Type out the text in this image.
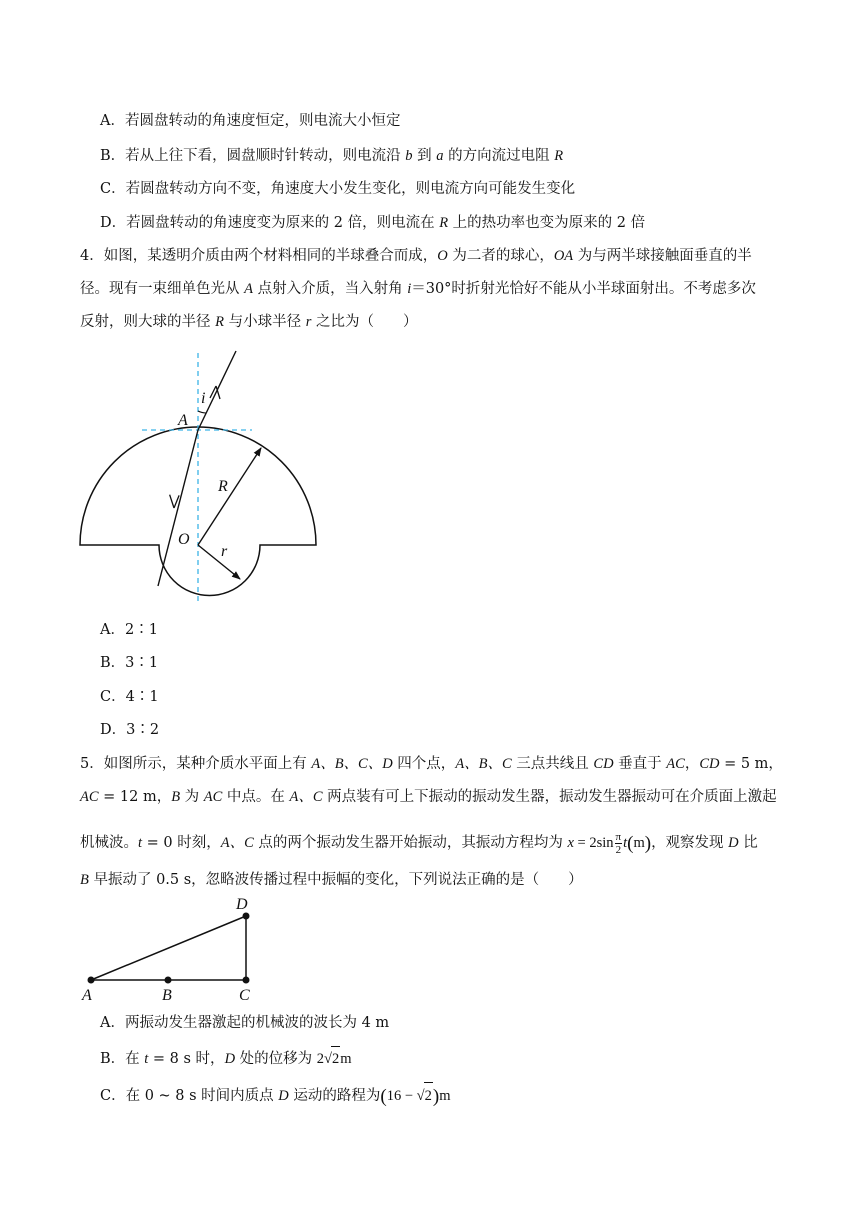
A．若圆盘转动的角速度恒定，则电流大小恒定
B．若从上往下看，圆盘顺时针转动，则电流沿 b 到 a 的方向流过电阻 R
C．若圆盘转动方向不变，角速度大小发生变化，则电流方向可能发生变化
D．若圆盘转动的角速度变为原来的 2 倍，则电流在 R 上的热功率也变为原来的 2 倍
4．如图，某透明介质由两个材料相同的半球叠合而成，O 为二者的球心，OA 为与两半球接触面垂直的半
径。现有一束细单色光从 A 点射入介质，当入射角 i＝30°时折射光恰好不能从小半球面射出。不考虑多次
反射，则大球的半径 R 与小球半径 r 之比为（　　）
i
A
R
O
r
A．2∶1
B．3∶1
C．4∶1
D．3∶2
5．如图所示，某种介质水平面上有 A、B、C、D 四个点，A、B、C 三点共线且 CD 垂直于 AC，CD = 5 m，
AC = 12 m，B 为 AC 中点。在 A、C 两点装有可上下振动的振动发生器，振动发生器振动可在介质面上激起
机械波。t = 0 时刻，A、C 点的两个振动发生器开始振动，其振动方程均为 $x = 2\sin \frac{\pi}{2} t(m)$，观察发现 D 比
B 早振动了 0.5 s，忽略波传播过程中振幅的变化，下列说法正确的是（　　）
A	B	C
D
A．两振动发生器激起的机械波的波长为 4 m
B．在 t = 8 s 时，D 处的位移为 2√2m
C．在 0 ~ 8 s 时间内质点 D 运动的路程为(16 − √2)m
